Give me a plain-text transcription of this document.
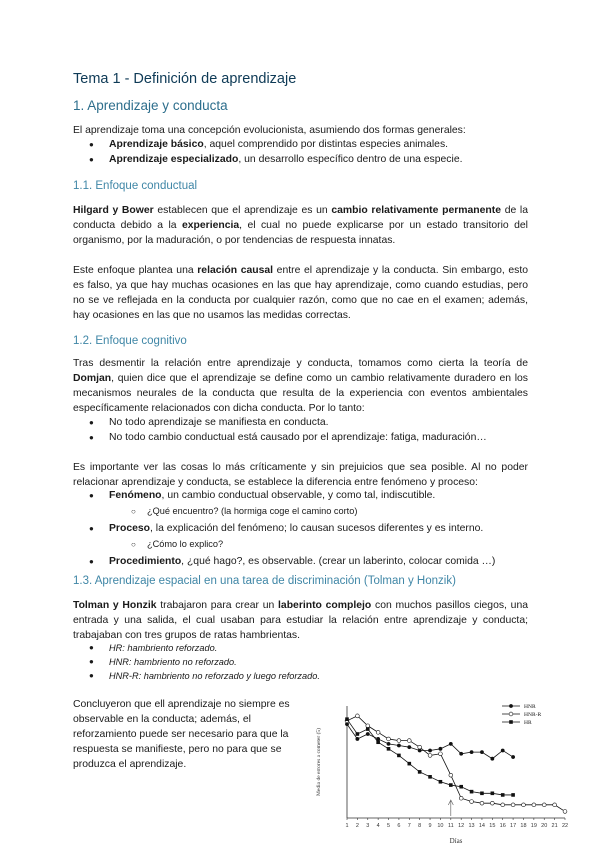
Tema 1 - Definición de aprendizaje
1. Aprendizaje y conducta

El aprendizaje toma una concepción evolucionista, asumiendo dos formas generales:

● Aprendizaje básico, aquel comprendido por distintas especies animales.
● Aprendizaje especializado, un desarrollo específico dentro de una especie.
1.1. Enfoque conductual

Hilgard y Bower establecen que el aprendizaje es un cambio relativamente permanente de la conducta debido a la experiencia, el cual no puede explicarse por un estado transitorio del organismo, por la maduración, o por tendencias de respuesta innatas.

Este enfoque plantea una relación causal entre el aprendizaje y la conducta. Sin embargo, esto es falso, ya que hay muchas ocasiones en las que hay aprendizaje, como cuando estudias, pero no se ve reflejada en la conducta por cualquier razón, como que no cae en el examen; además, hay ocasiones en las que no usamos las medidas correctas.

1.2. Enfoque cognitivo

Tras desmentir la relación entre aprendizaje y conducta, tomamos como cierta la teoría de Domjan, quien dice que el aprendizaje se define como un cambio relativamente duradero en los mecanismos neurales de la conducta que resulta de la experiencia con eventos ambientales específicamente relacionados con dicha conducta. Por lo tanto:

● No todo aprendizaje se manifiesta en conducta.
● No todo cambio conductual está causado por el aprendizaje: fatiga, maduración…

Es importante ver las cosas lo más críticamente y sin prejuicios que sea posible. Al no poder relacionar aprendizaje y conducta, se establece la diferencia entre fenómeno y proceso:

● Fenómeno, un cambio conductual observable, y como tal, indiscutible.
○ ¿Qué encuentro? (la hormiga coge el camino corto)
● Proceso, la explicación del fenómeno; lo causan sucesos diferentes y es interno.
○ ¿Cómo lo explico?
● Procedimiento, ¿qué hago?, es observable. (crear un laberinto, colocar comida …)
1.3. Aprendizaje espacial en una tarea de discriminación (Tolman y Honzik)

Tolman y Honzik trabajaron para crear un laberinto complejo con muchos pasillos ciegos, una entrada y una salida, el cual usaban para estudiar la relación entre aprendizaje y conducta; trabajaban con tres grupos de ratas hambrientas.

● HR: hambriento reforzado.
● HNR: hambriento no reforzado.
● HNR-R: hambriento no reforzado y luego reforzado.

Concluyeron que ell aprendizaje no siempre es observable en la conducta; además, el reforzamiento puede ser necesario para que la respuesta se manifieste, pero no para que se produzca el aprendizaje.

1 2 3 4 5 6 7 8 9 10 11 12 13 14 15 16 17 18 19 20 21 22
Días
Media de errores a cometer (5)
HNR
HNR-R
HR
